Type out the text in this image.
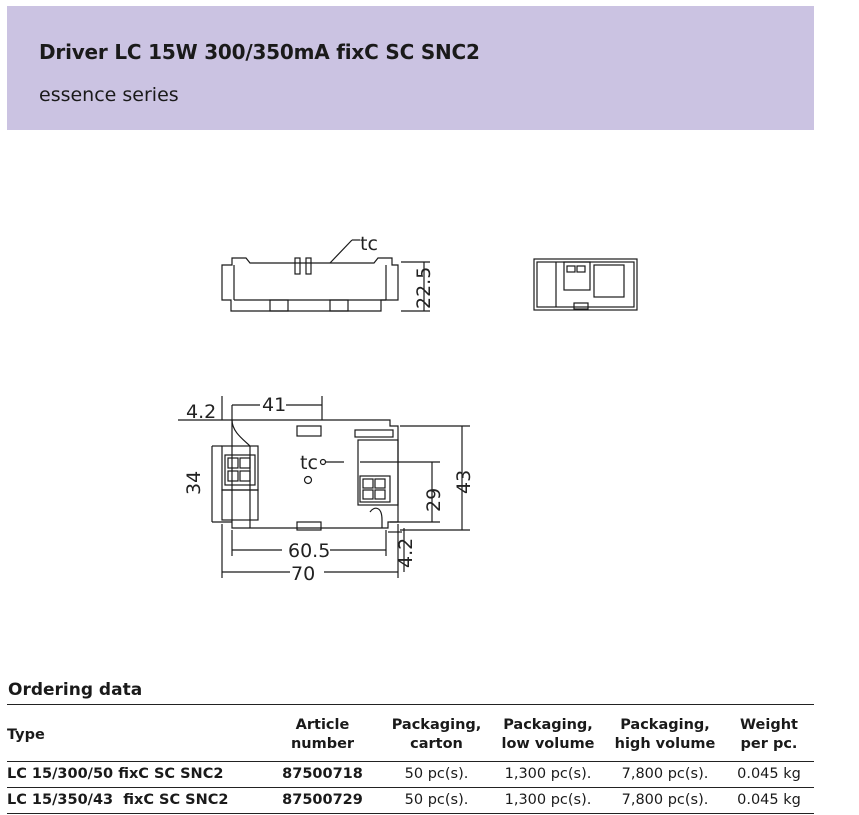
Driver LC 15W 300/350mA fixC SC SNC2
essence series
tc
22.5
4.2 41
tc
34
29
43
60.5	4.2
70
Ordering data
Type	Article number	Packaging, carton	Packaging, low volume	Packaging, high volume	Weight per pc.
LC 15/300/50 fixC SC SNC2	87500718	50 pc(s).	1,300 pc(s).	7,800 pc(s).	0.045 kg
LC 15/350/43  fixC SC SNC2	87500729	50 pc(s).	1,300 pc(s).	7,800 pc(s).	0.045 kg
